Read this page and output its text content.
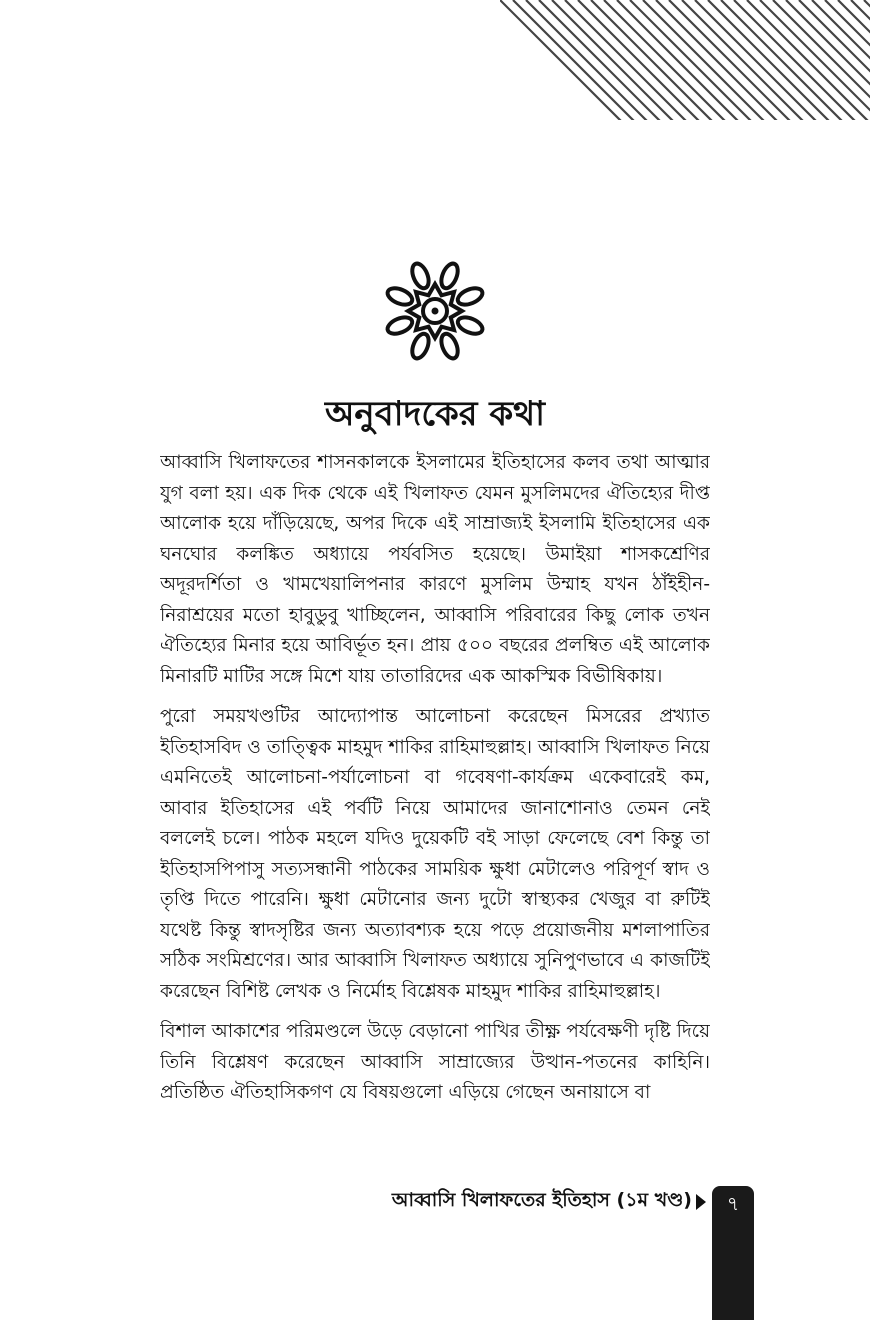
অনুবাদকের কথা

আব্বাসি খিলাফতের শাসনকালকে ইসলামের ইতিহাসের কলব তথা আত্মার যুগ বলা হয়। এক দিক থেকে এই খিলাফত যেমন মুসলিমদের ঐতিহ্যের দীপ্ত আলোক হয়ে দাঁড়িয়েছে, অপর দিকে এই সাম্রাজ্যই ইসলামি ইতিহাসের এক ঘনঘোর কলঙ্কিত অধ্যায়ে পর্যবসিত হয়েছে। উমাইয়া শাসকশ্রেণির অদূরদর্শিতা ও খামখেয়ালিপনার কারণে মুসলিম উম্মাহ যখন ঠাঁইহীন-নিরাশ্রয়ের মতো হাবুডুবু খাচ্ছিলেন, আব্বাসি পরিবারের কিছু লোক তখন ঐতিহ্যের মিনার হয়ে আবির্ভূত হন। প্রায় ৫০০ বছরের প্রলম্বিত এই আলোক মিনারটি মাটির সঙ্গে মিশে যায় তাতারিদের এক আকস্মিক বিভীষিকায়।

পুরো সময়খণ্ডটির আদ্যোপান্ত আলোচনা করেছেন মিসরের প্রখ্যাত ইতিহাসবিদ ও তাত্ত্বিক মাহমুদ শাকির রাহিমাহুল্লাহ। আব্বাসি খিলাফত নিয়ে এমনিতেই আলোচনা-পর্যালোচনা বা গবেষণা-কার্যক্রম একেবারেই কম, আবার ইতিহাসের এই পর্বটি নিয়ে আমাদের জানাশোনাও তেমন নেই বললেই চলে। পাঠক মহলে যদিও দুয়েকটি বই সাড়া ফেলেছে বেশ কিন্তু তা ইতিহাসপিপাসু সত্যসন্ধানী পাঠকের সাময়িক ক্ষুধা মেটালেও পরিপূর্ণ স্বাদ ও তৃপ্তি দিতে পারেনি। ক্ষুধা মেটানোর জন্য দুটো স্বাস্থ্যকর খেজুর বা রুটিই যথেষ্ট কিন্তু স্বাদসৃষ্টির জন্য অত্যাবশ্যক হয়ে পড়ে প্রয়োজনীয় মশলাপাতির সঠিক সংমিশ্রণের। আর আব্বাসি খিলাফত অধ্যায়ে সুনিপুণভাবে এ কাজটিই করেছেন বিশিষ্ট লেখক ও নির্মোহ বিশ্লেষক মাহমুদ শাকির রাহিমাহুল্লাহ।

বিশাল আকাশের পরিমণ্ডলে উড়ে বেড়ানো পাখির তীক্ষ্ণ পর্যবেক্ষণী দৃষ্টি দিয়ে তিনি বিশ্লেষণ করেছেন আব্বাসি সাম্রাজ্যের উত্থান-পতনের কাহিনি। প্রতিষ্ঠিত ঐতিহাসিকগণ যে বিষয়গুলো এড়িয়ে গেছেন অনায়াসে বা

আব্বাসি খিলাফতের ইতিহাস (১ম খণ্ড)	৭
